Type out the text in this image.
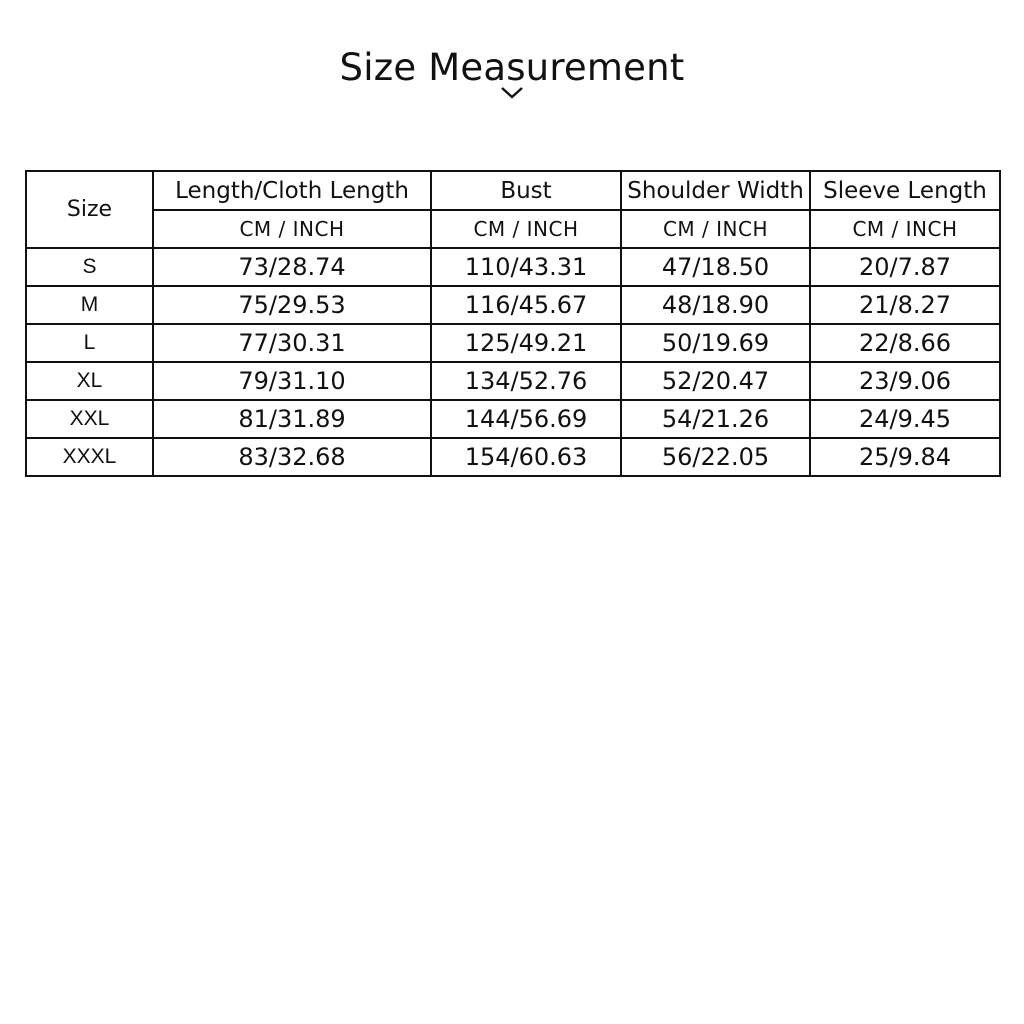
Size Measurement
Size	Length/Cloth Length	Bust	Shoulder Width	Sleeve Length
	CM / INCH	CM / INCH	CM / INCH	CM / INCH
S	73/28.74	110/43.31	47/18.50	20/7.87
M	75/29.53	116/45.67	48/18.90	21/8.27
L	77/30.31	125/49.21	50/19.69	22/8.66
XL	79/31.10	134/52.76	52/20.47	23/9.06
XXL	81/31.89	144/56.69	54/21.26	24/9.45
XXXL	83/32.68	154/60.63	56/22.05	25/9.84
